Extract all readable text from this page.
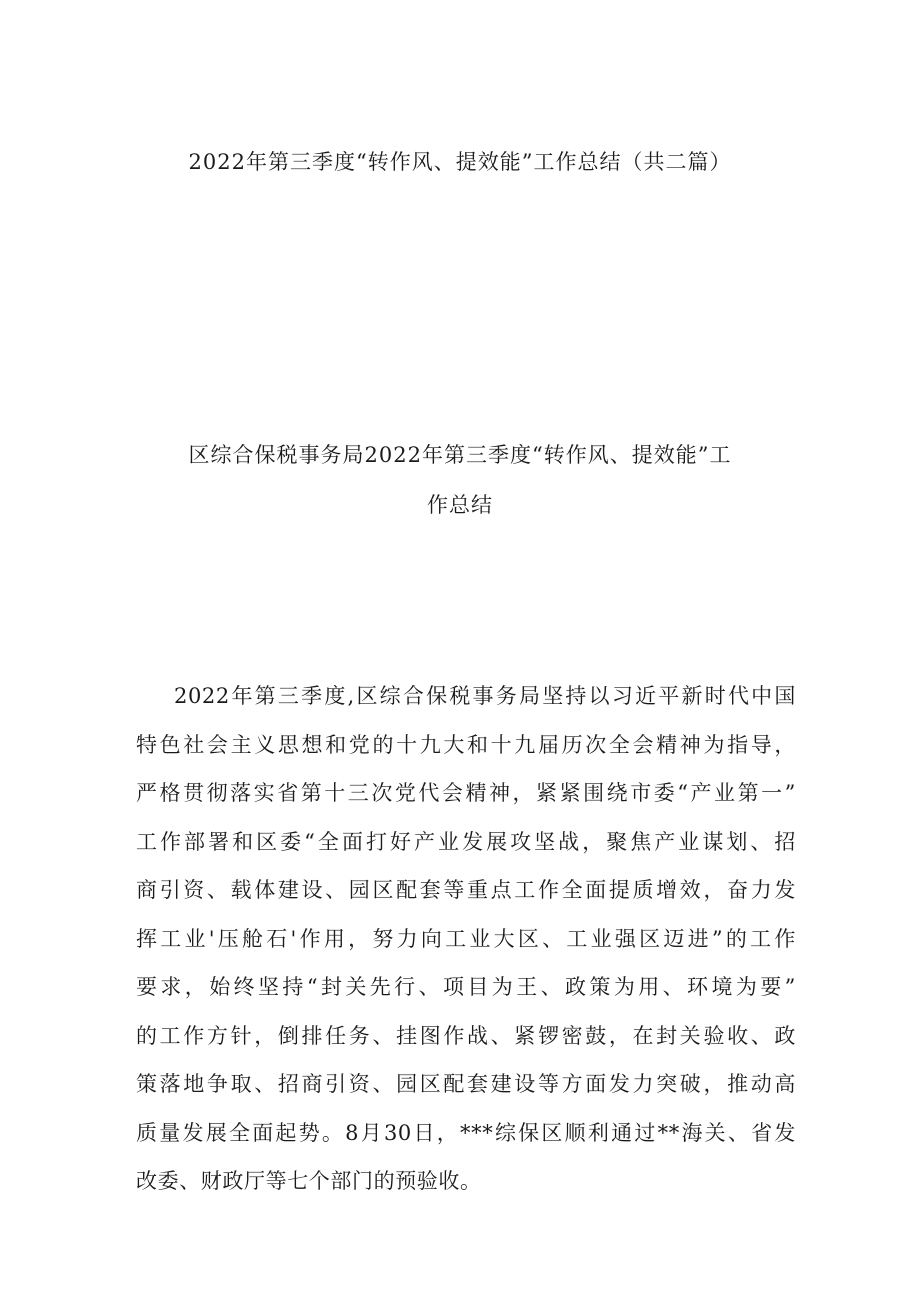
2022年第三季度“转作风、提效能”工作总结（共二篇）
区综合保税事务局2022年第三季度“转作风、提效能”工
作总结
2022年第三季度,区综合保税事务局坚持以习近平新时代中国
特色社会主义思想和党的十九大和十九届历次全会精神为指导，
严格贯彻落实省第十三次党代会精神，紧紧围绕市委“产业第一”
工作部署和区委“全面打好产业发展攻坚战，聚焦产业谋划、招
商引资、载体建设、园区配套等重点工作全面提质增效，奋力发
挥工业'压舱石'作用，努力向工业大区、工业强区迈进”的工作
要求，始终坚持“封关先行、项目为王、政策为用、环境为要”
的工作方针，倒排任务、挂图作战、紧锣密鼓，在封关验收、政
策落地争取、招商引资、园区配套建设等方面发力突破，推动高
质量发展全面起势。8月30日，***综保区顺利通过**海关、省发
改委、财政厅等七个部门的预验收。
